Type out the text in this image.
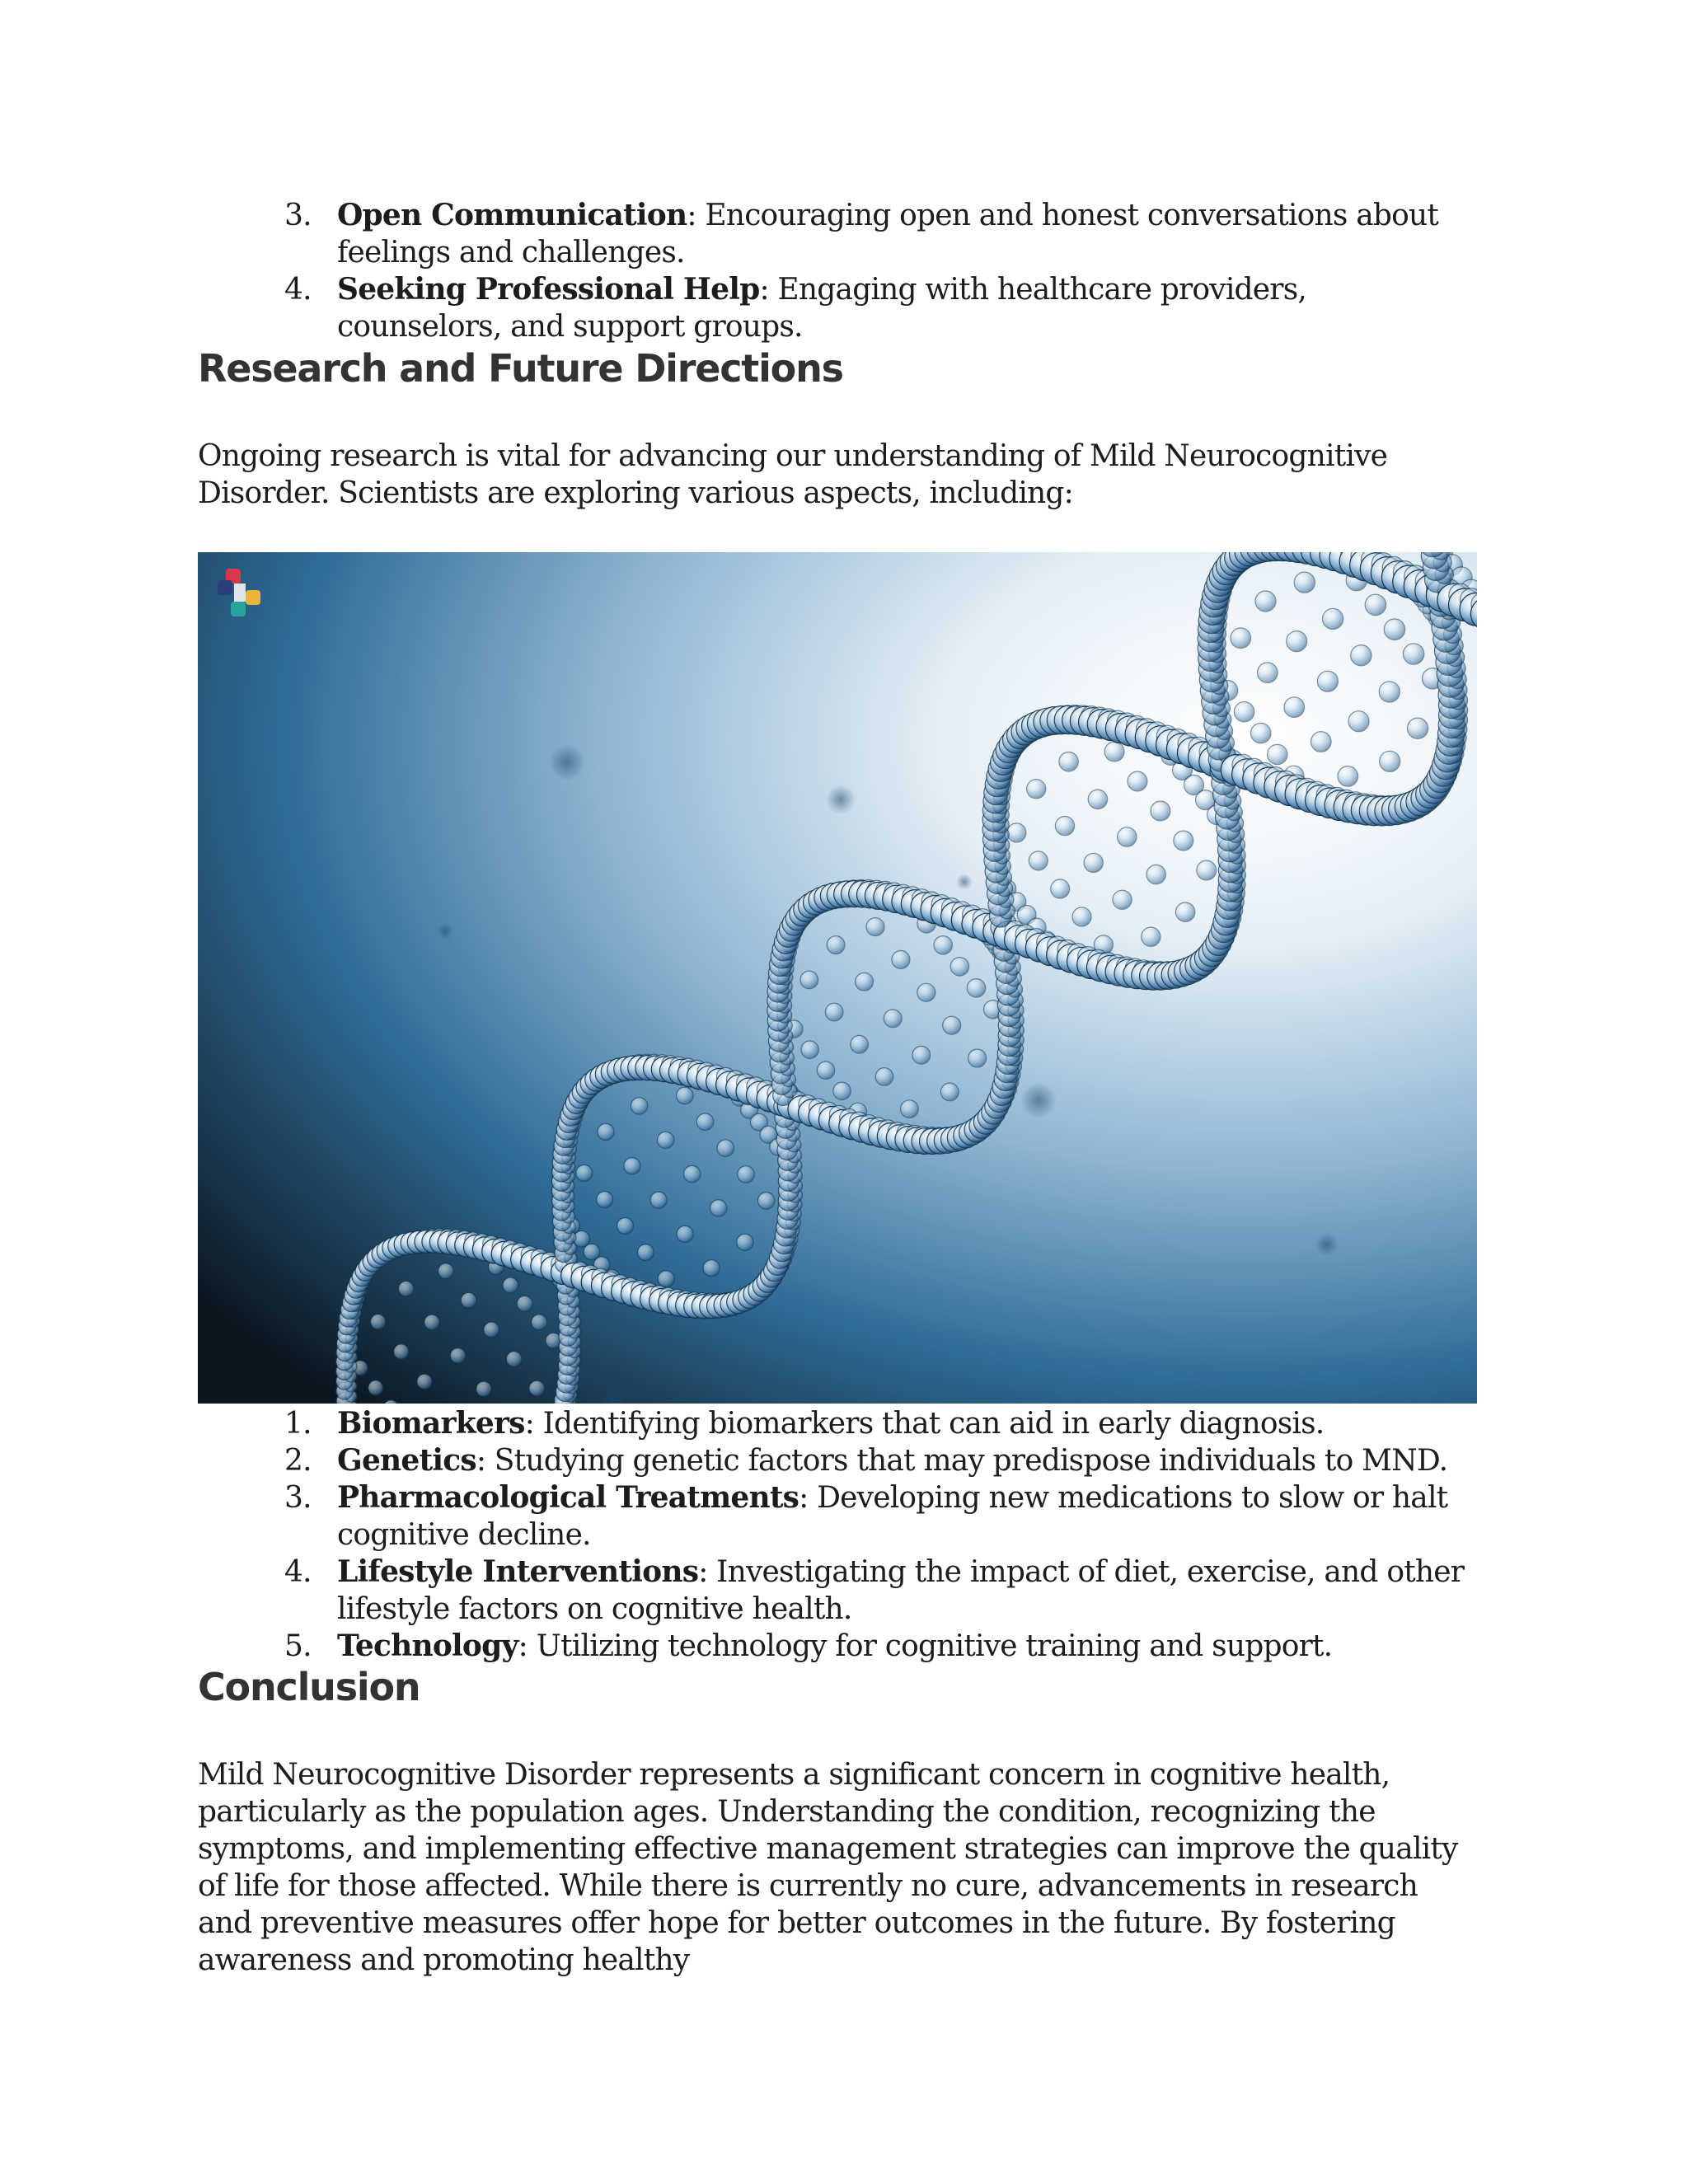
3. Open Communication: Encouraging open and honest conversations about feelings and challenges.
4. Seeking Professional Help: Engaging with healthcare providers, counselors, and support groups.
Research and Future Directions

Ongoing research is vital for advancing our understanding of Mild Neurocognitive Disorder. Scientists are exploring various aspects, including:

1. Biomarkers: Identifying biomarkers that can aid in early diagnosis.
2. Genetics: Studying genetic factors that may predispose individuals to MND.
3. Pharmacological Treatments: Developing new medications to slow or halt cognitive decline.
4. Lifestyle Interventions: Investigating the impact of diet, exercise, and other lifestyle factors on cognitive health.
5. Technology: Utilizing technology for cognitive training and support.
Conclusion

Mild Neurocognitive Disorder represents a significant concern in cognitive health, particularly as the population ages. Understanding the condition, recognizing the symptoms, and implementing effective management strategies can improve the quality of life for those affected. While there is currently no cure, advancements in research and preventive measures offer hope for better outcomes in the future. By fostering awareness and promoting healthy
